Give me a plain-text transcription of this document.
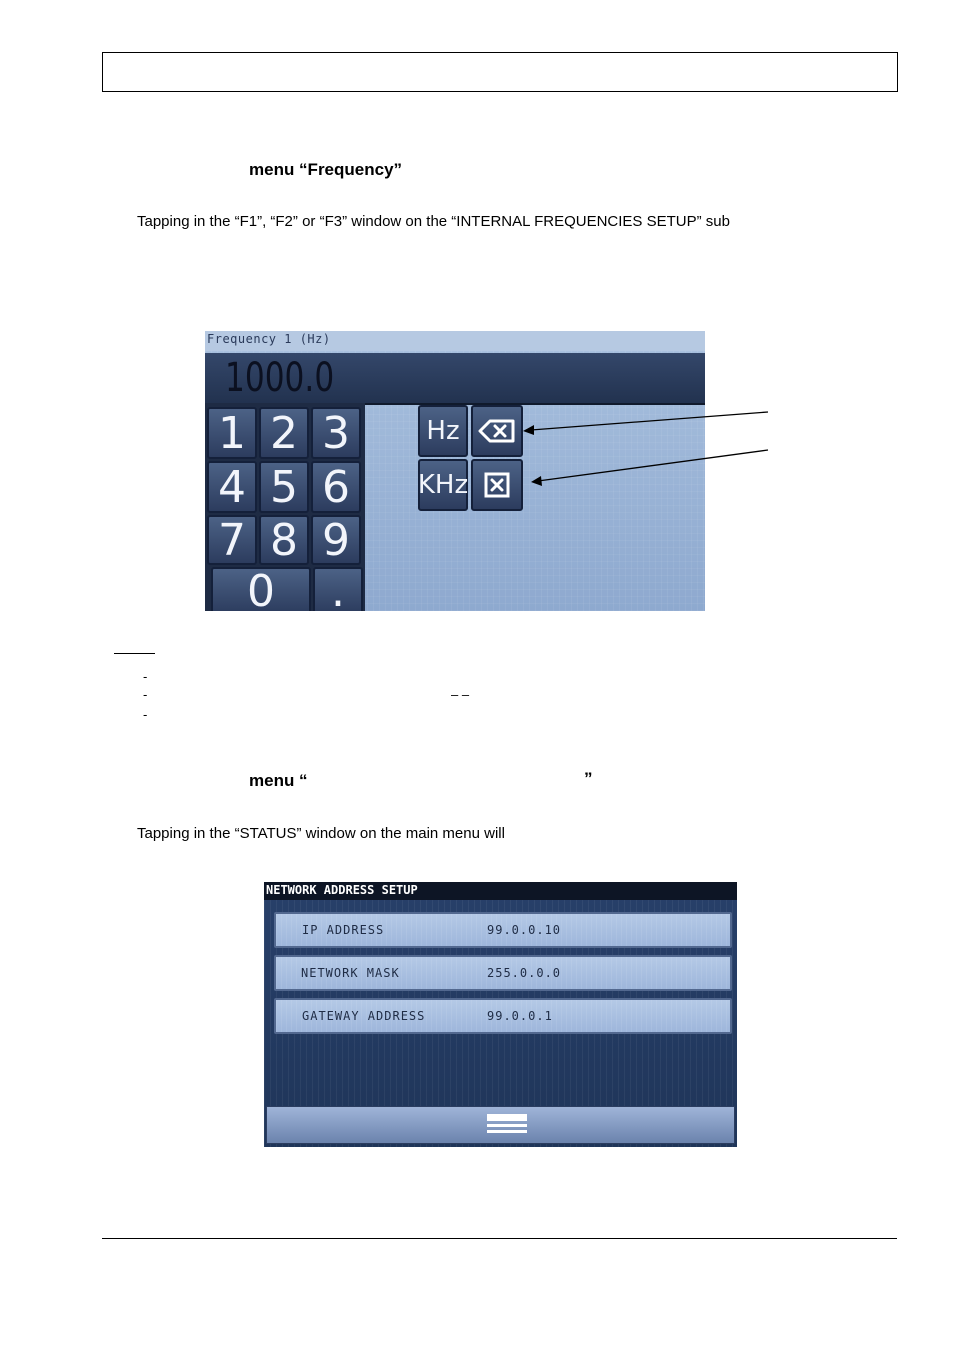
menu “Frequency”
Tapping in the “F1”, “F2” or “F3” window on the “INTERNAL FREQUENCIES SETUP” sub
Frequency 1 (Hz)
1000.0
1 2 3
4 5 6
7 8 9
0	.
Hz
KHz
-
-	– –
-
menu “	”
Tapping in the “STATUS” window on the main menu will
NETWORK ADDRESS SETUP
IP ADDRESS	99.0.0.10
NETWORK MASK	255.0.0.0
GATEWAY ADDRESS	99.0.0.1
